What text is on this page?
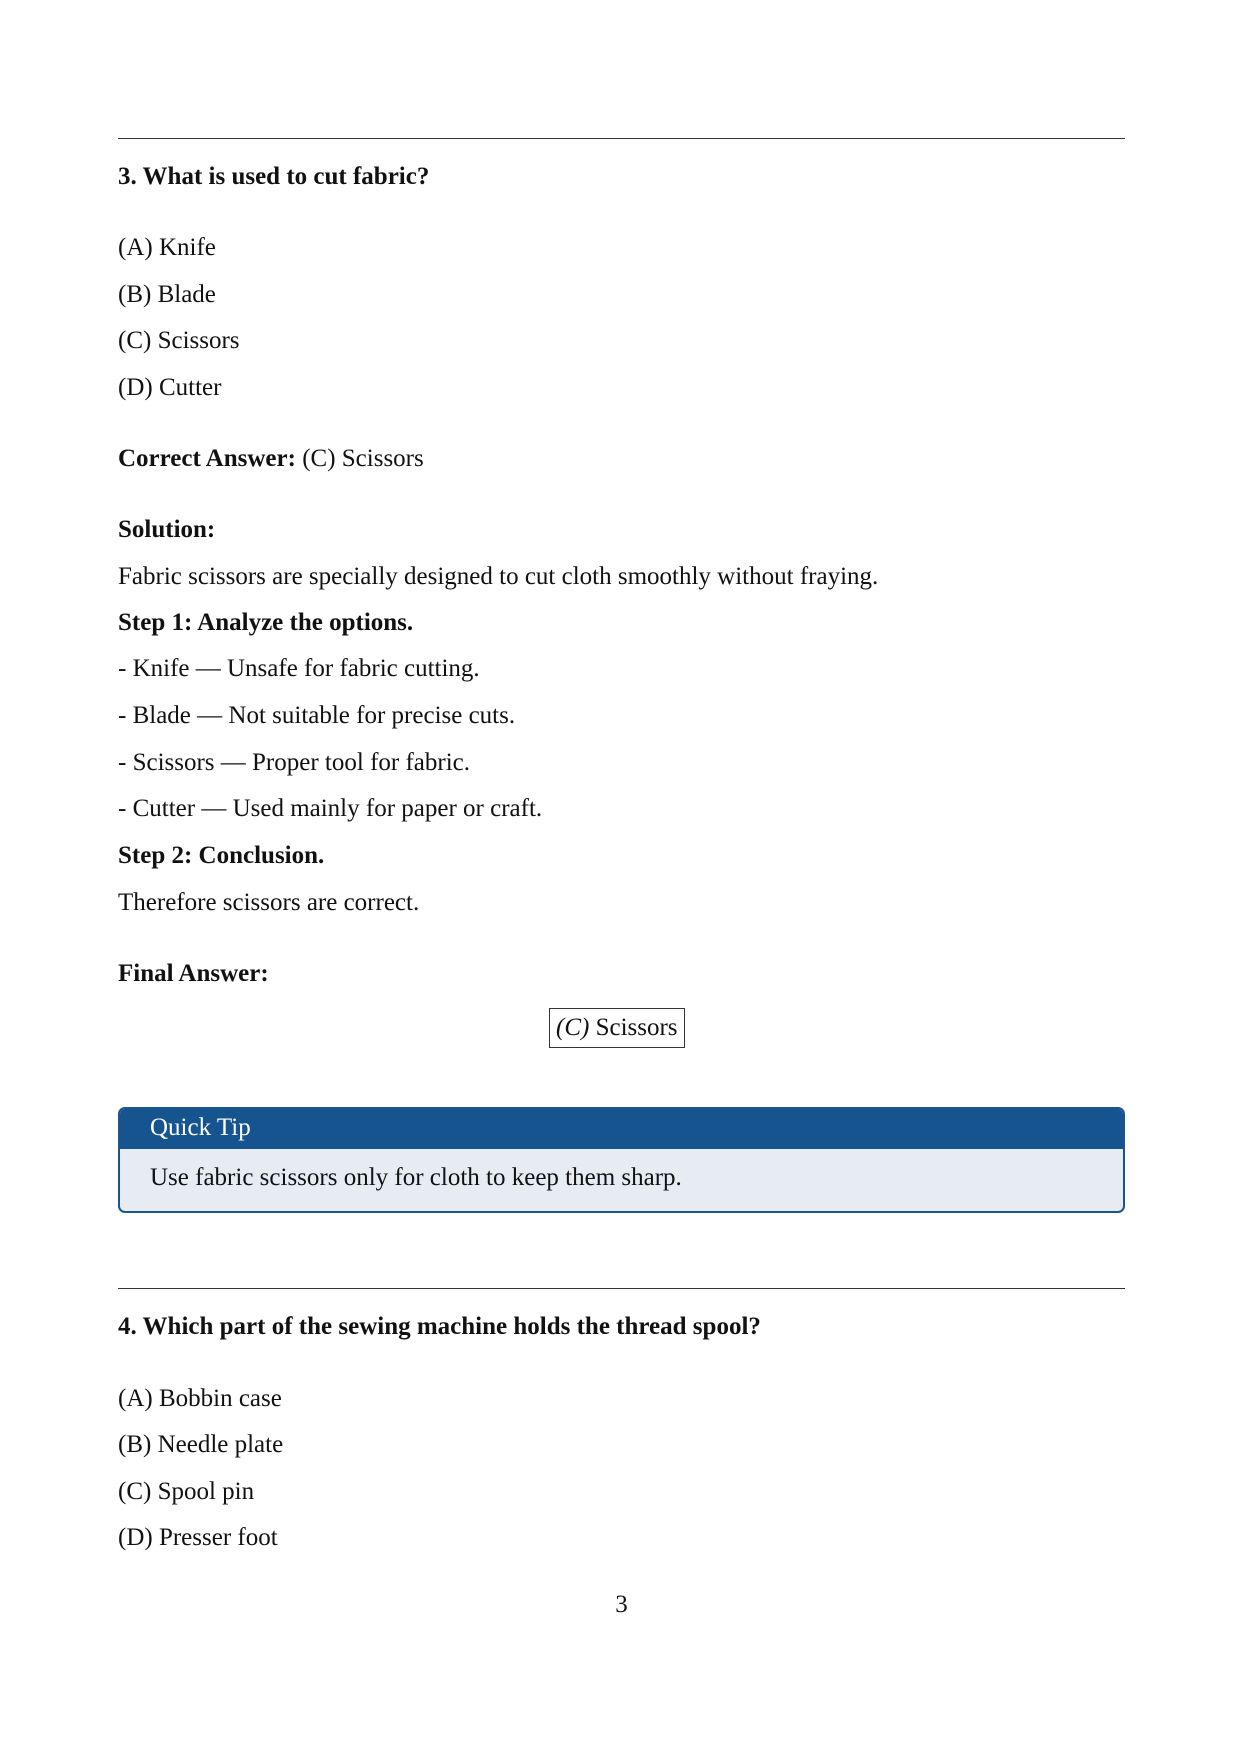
3. What is used to cut fabric?
(A) Knife
(B) Blade
(C) Scissors
(D) Cutter
Correct Answer: (C) Scissors
Solution:
Fabric scissors are specially designed to cut cloth smoothly without fraying.
Step 1: Analyze the options.
- Knife — Unsafe for fabric cutting.
- Blade — Not suitable for precise cuts.
- Scissors — Proper tool for fabric.
- Cutter — Used mainly for paper or craft.
Step 2: Conclusion.
Therefore scissors are correct.
Final Answer:
(C) Scissors
Quick Tip
Use fabric scissors only for cloth to keep them sharp.
4. Which part of the sewing machine holds the thread spool?
(A) Bobbin case
(B) Needle plate
(C) Spool pin
(D) Presser foot
3
